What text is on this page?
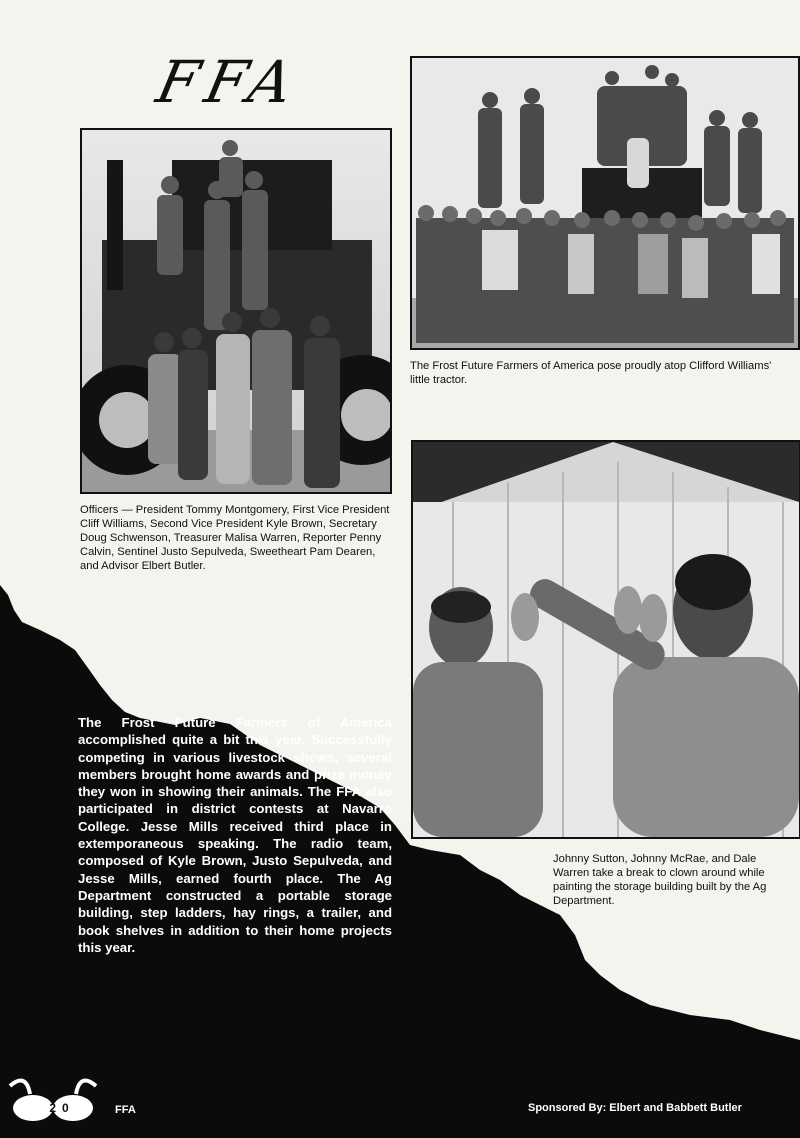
FFA
Officers — President Tommy Montgomery, First Vice President Cliff Williams, Second Vice President Kyle Brown, Secretary Doug Schwenson, Treasurer Malisa Warren, Reporter Penny Calvin, Sentinel Justo Sepulveda, Sweetheart Pam Dearen, and Advisor Elbert Butler.
The Frost Future Farmers of America pose proudly atop Clifford Williams' little tractor.
Johnny Sutton, Johnny McRae, and Dale Warren take a break to clown around while painting the storage building built by the Ag Department.
The Frost Future Farmers of America accomplished quite a bit this year. Successfully competing in various livestock shows, several members brought home awards and prize money they won in showing their animals. The FFA also participated in district contests at Navarro College. Jesse Mills received third place in extemporaneous speaking. The radio team, composed of Kyle Brown, Justo Sepulveda, and Jesse Mills, earned fourth place. The Ag Department constructed a portable storage building, step ladders, hay rings, a trailer, and book shelves in addition to their home projects this year.
20	FFA	Sponsored By: Elbert and Babbett Butler
